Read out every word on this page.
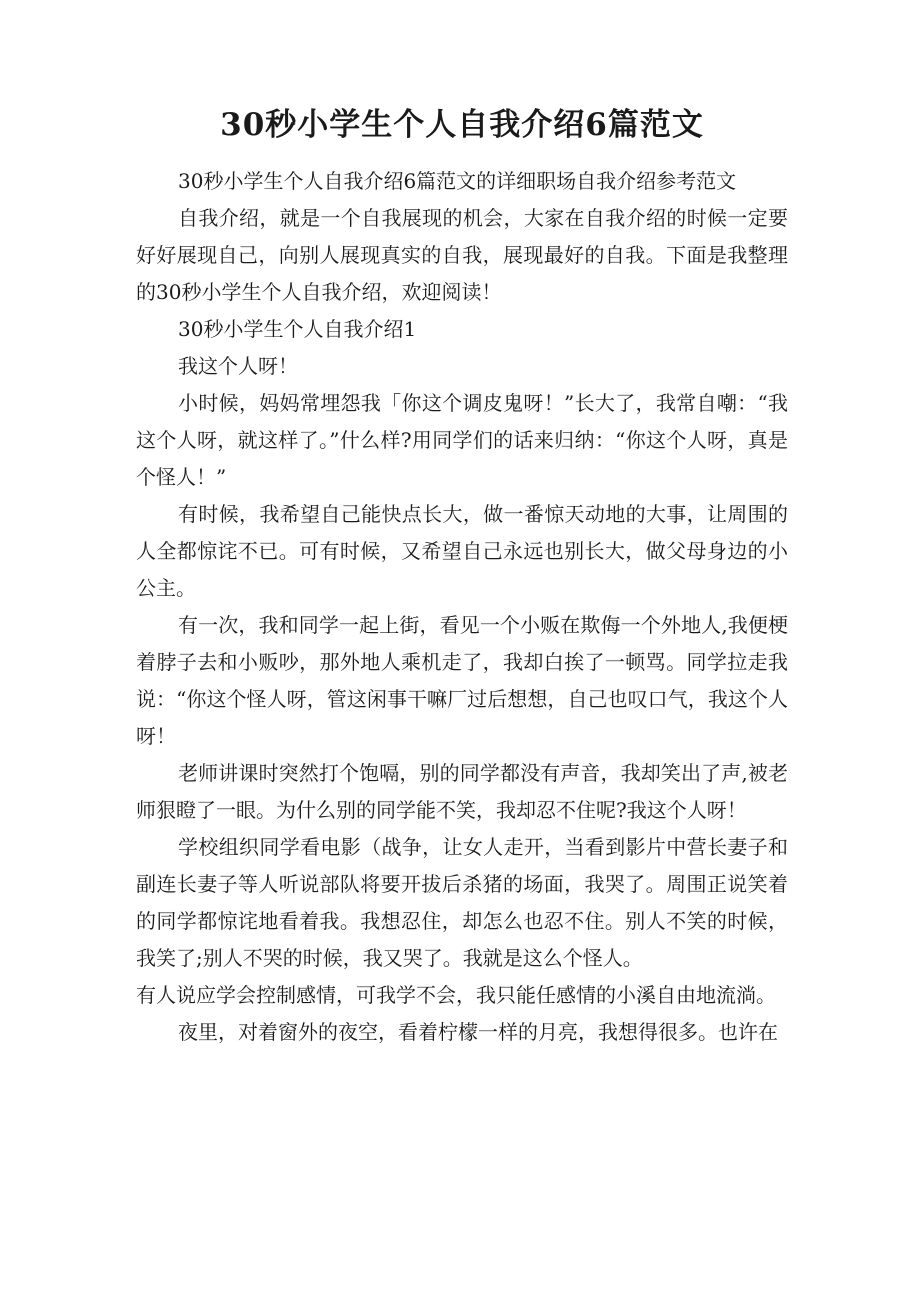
30秒小学生个人自我介绍6篇范文

30秒小学生个人自我介绍6篇范文的详细职场自我介绍参考范文

自我介绍，就是一个自我展现的机会，大家在自我介绍的时候一定要好好展现自己，向别人展现真实的自我，展现最好的自我。下面是我整理的30秒小学生个人自我介绍，欢迎阅读！

30秒小学生个人自我介绍1

我这个人呀！

小时候，妈妈常埋怨我「你这个调皮鬼呀！”长大了，我常自嘲：“我这个人呀，就这样了。”什么样?用同学们的话来归纳：“你这个人呀，真是个怪人！”

有时候，我希望自己能快点长大，做一番惊天动地的大事，让周围的人全都惊诧不已。可有时候，又希望自己永远也别长大，做父母身边的小公主。

有一次，我和同学一起上街，看见一个小贩在欺侮一个外地人,我便梗着脖子去和小贩吵，那外地人乘机走了，我却白挨了一顿骂。同学拉走我说：“你这个怪人呀，管这闲事干嘛厂过后想想，自己也叹口气，我这个人呀！

老师讲课时突然打个饱嗝，别的同学都没有声音，我却笑出了声,被老师狠瞪了一眼。为什么别的同学能不笑，我却忍不住呢?我这个人呀！

学校组织同学看电影（战争，让女人走开，当看到影片中营长妻子和副连长妻子等人听说部队将要开拔后杀猪的场面，我哭了。周围正说笑着的同学都惊诧地看着我。我想忍住，却怎么也忍不住。别人不笑的时候，我笑了;别人不哭的时候，我又哭了。我就是这么个怪人。

有人说应学会控制感情，可我学不会，我只能任感情的小溪自由地流淌。

夜里，对着窗外的夜空，看着柠檬一样的月亮，我想得很多。也许在
